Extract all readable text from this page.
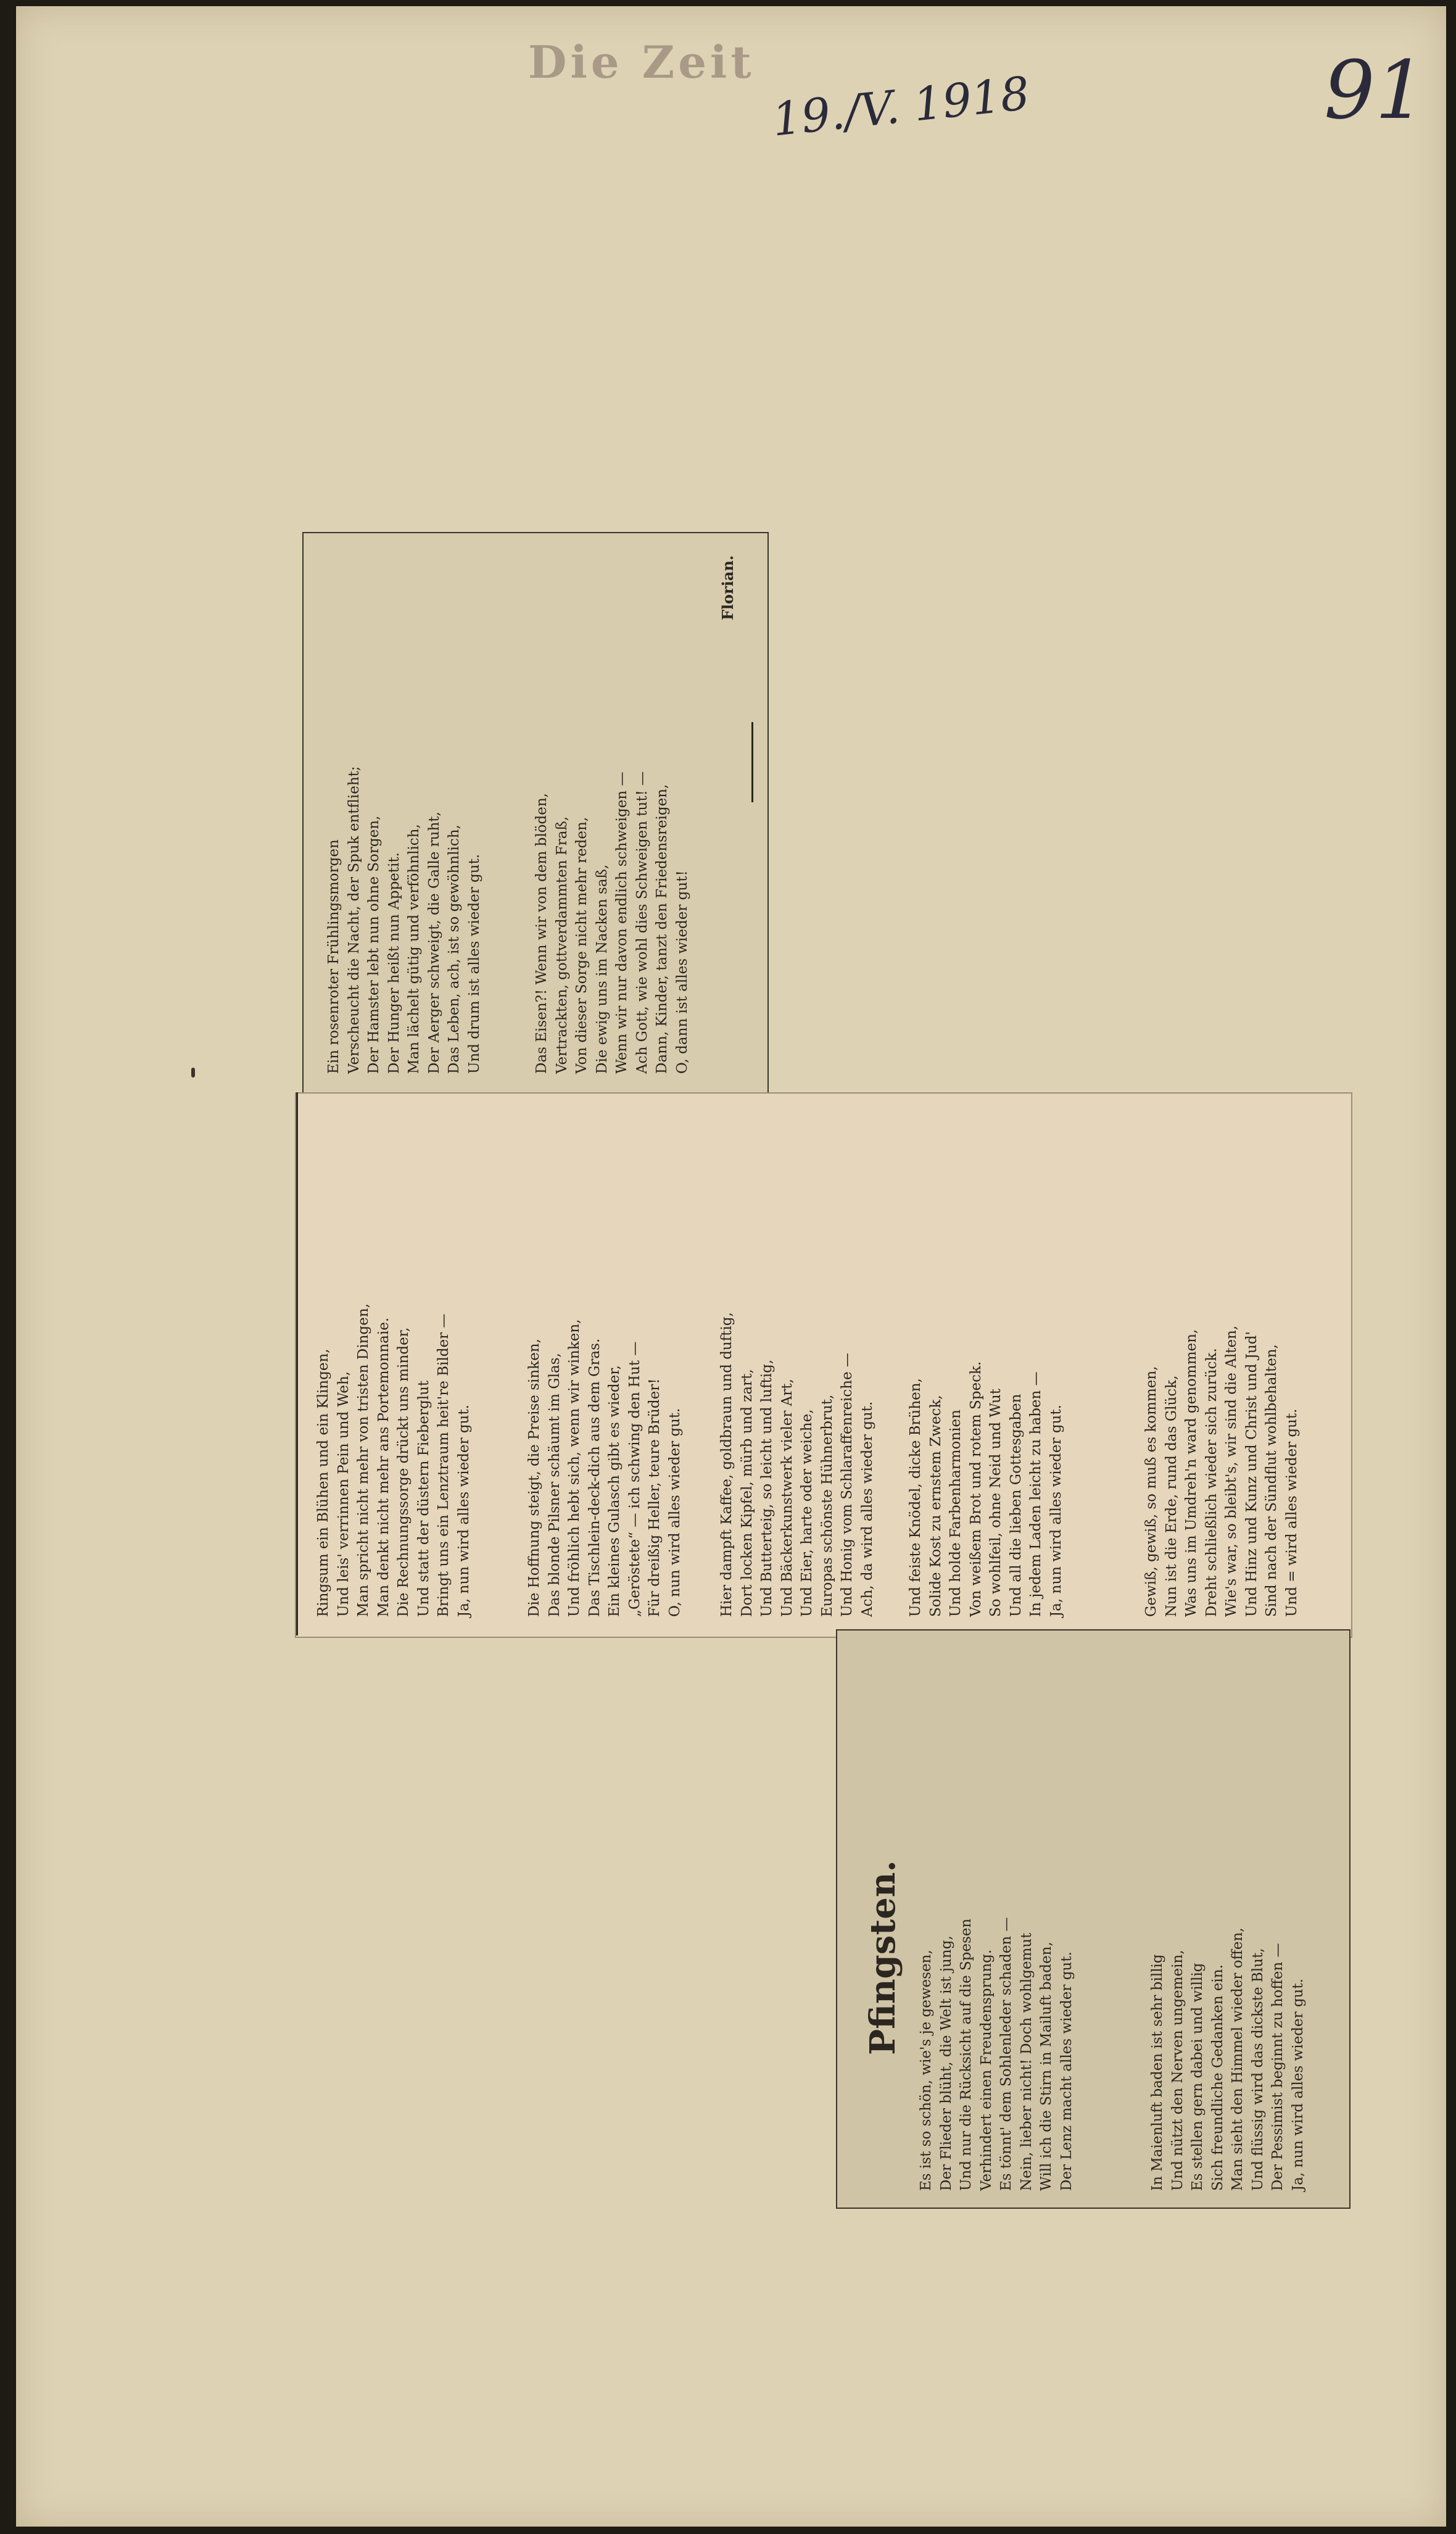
Die Zeit
19./V. 1918	91
Ein rosenroter Frühlingsmorgen Verscheucht die Nacht, der Spuk entflieht; Der Hamster lebt nun ohne Sorgen, Der Hunger heißt nun Appetit. Man lächelt gütig und verföhnlich, Der Aerger schweigt, die Galle ruht, Das Leben, ach, ist so gewöhnlich, Und drum ist alles wieder gut.	Das Eisen?! Wenn wir von dem blöden, Vertrackten, gottverdammten Fraß, Von dieser Sorge nicht mehr reden, Die ewig uns im Nacken saß, Wenn wir nur davon endlich schweigen — Ach Gott, wie wohl dies Schweigen tut! — Dann, Kinder, tanzt den Friedensreigen, O, dann ist alles wieder gut!
Florian.
Ringsum ein Blühen und ein Klingen, Und leis' verrinnen Pein und Weh, Man spricht nicht mehr von tristen Dingen, Man denkt nicht mehr ans Portemonnaie. Die Rechnungssorge drückt uns minder, Und statt der düstern Fieberglut Bringt uns ein Lenztraum heit're Bilder — Ja, nun wird alles wieder gut.	Die Hoffnung steigt, die Preise sinken, Das blonde Pilsner schäumt im Glas, Und fröhlich hebt sich, wenn wir winken, Das Tischlein-deck-dich aus dem Gras. Ein kleines Gulasch gibt es wieder, „Geröstete“ — ich schwing den Hut — Für dreißig Heller, teure Brüder! O, nun wird alles wieder gut.	Hier dampft Kaffee, goldbraun und duftig, Dort locken Kipfel, mürb und zart, Und Butterteig, so leicht und luftig, Und Bäckerkunstwerk vieler Art, Und Eier, harte oder weiche, Europas schönste Hühnerbrut, Und Honig vom Schlaraffenreiche — Ach, da wird alles wieder gut. Und feiste Knödel, dicke Brühen, Solide Kost zu ernstem Zweck, Und holde Farbenharmonien Von weißem Brot und rotem Speck. So wohlfeil, ohne Neid und Wut Und all die lieben Gottesgaben In jedem Laden leicht zu haben — Ja, nun wird alles wieder gut.	Gewiß, gewiß, so muß es kommen, Nun ist die Erde, rund das Glück, Was uns im Umdreh'n ward genommen, Dreht schließlich wieder sich zurück. Wie's war, so bleibt's, wir sind die Alten, Und Hinz und Kunz und Christ und Jud' Sind nach der Sündflut wohlbehalten, Und = wird alles wieder gut.
Pfingsten. Es ist so schön, wie's je gewesen, Der Flieder blüht, die Welt ist jung, Und nur die Rücksicht auf die Spesen Verhindert einen Freudensprung. Es tönnt' dem Sohlenleder schaden — Nein, lieber nicht! Doch wohlgemut Will ich die Stirn in Mailuft baden, Der Lenz macht alles wieder gut.	In Maienluft baden ist sehr billig Und nützt den Nerven ungemein, Es stellen gern dabei und willig Sich freundliche Gedanken ein. Man sieht den Himmel wieder offen, Und flüssig wird das dickste Blut, Der Pessimist beginnt zu hoffen — Ja, nun wird alles wieder gut.
